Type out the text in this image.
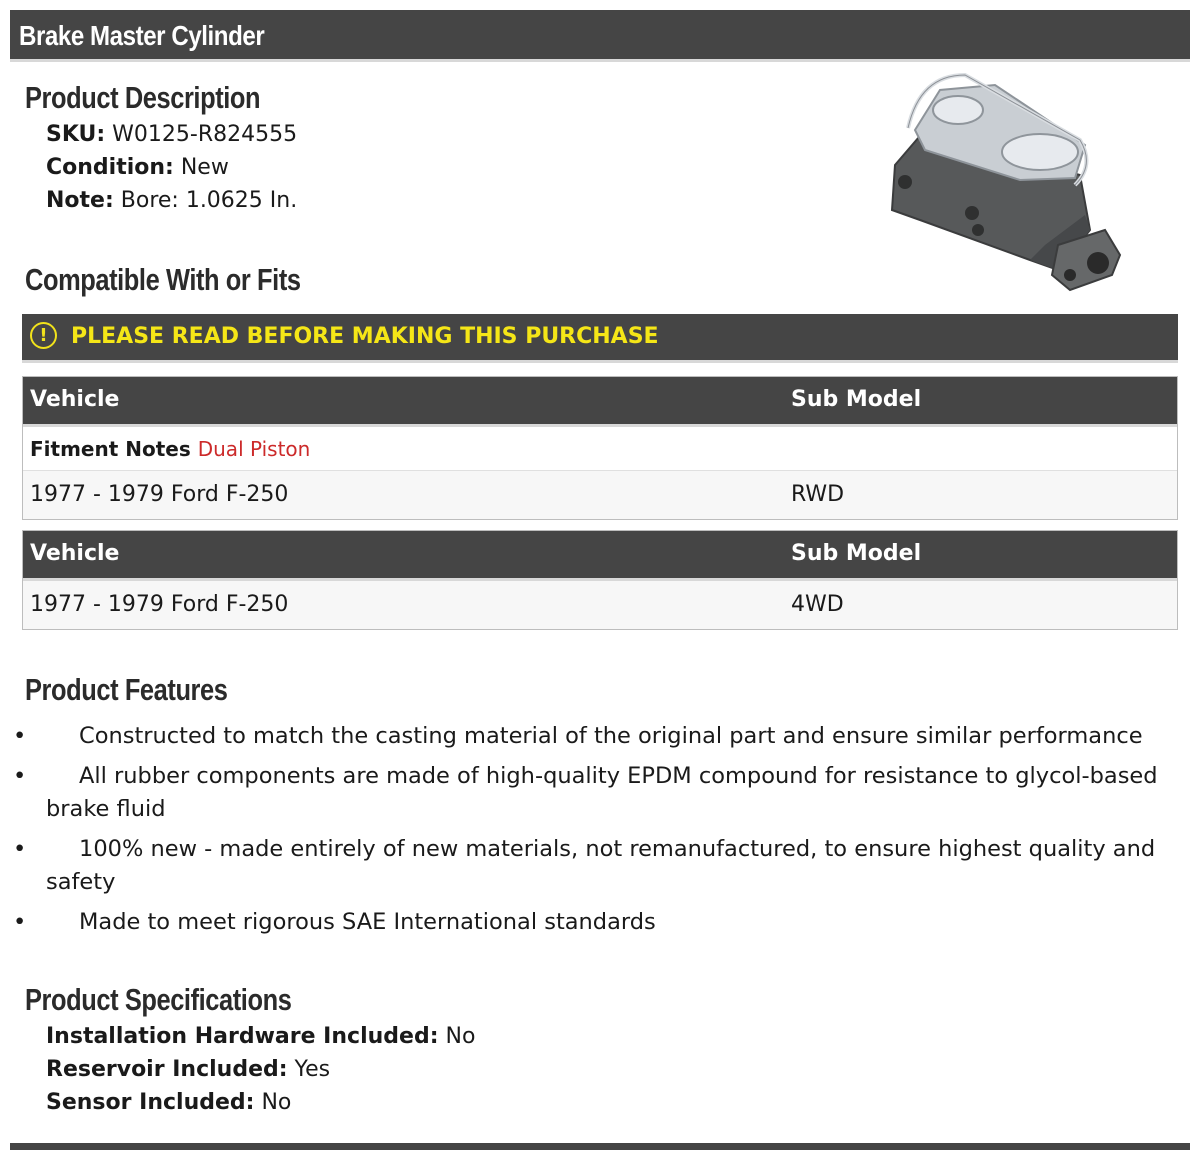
Brake Master Cylinder
Product Description
SKU: W0125-R824555
Condition: New
Note: Bore: 1.0625 In.
Compatible With or Fits
!	PLEASE READ BEFORE MAKING THIS PURCHASE
Vehicle	Sub Model
Fitment Notes Dual Piston
1977 - 1979 Ford F-250	RWD
Vehicle	Sub Model
1977 - 1979 Ford F-250	4WD
Product Features
• Constructed to match the casting material of the original part and ensure similar performance
• All rubber components are made of high-quality EPDM compound for resistance to glycol-based brake fluid
• 100% new - made entirely of new materials, not remanufactured, to ensure highest quality and safety
• Made to meet rigorous SAE International standards
Product Specifications
Installation Hardware Included: No
Reservoir Included: Yes
Sensor Included: No
